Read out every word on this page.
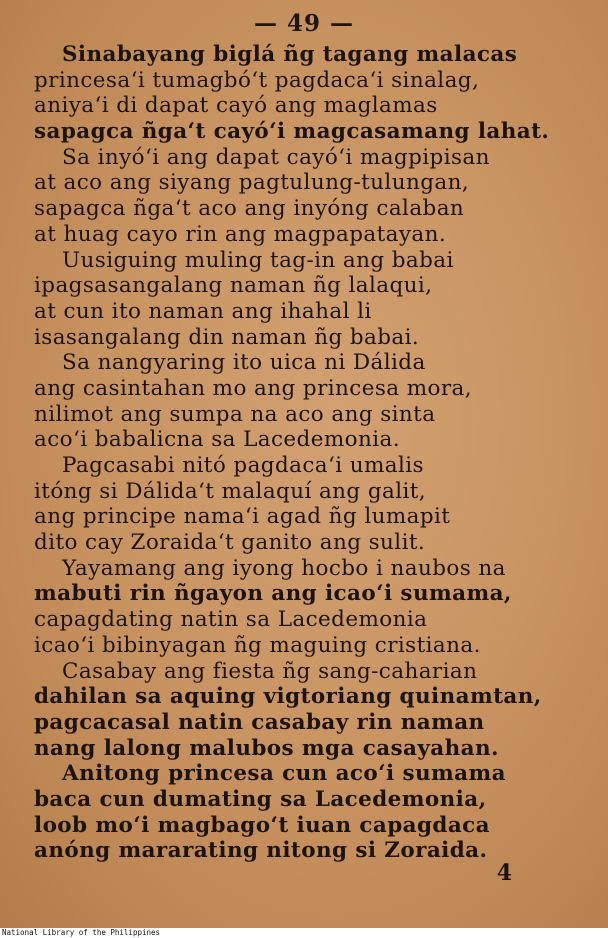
— 49 —
Sinabayang biglá ñg tagang malacas
princesa‘i tumagbó‘t pagdaca‘i sinalag,
aniya‘i di dapat cayó ang maglamas
sapagca ñga‘t cayó‘i magcasamang lahat.
Sa inyó‘i ang dapat cayó‘i magpipisan
at aco ang siyang pagtulung-tulungan,
sapagca ñga‘t aco ang inyóng calaban
at huag cayo rin ang magpapatayan.
Uusiguing muling tag-in ang babai
ipagsasangalang naman ñg lalaqui,
at cun ito naman ang ihahal li
isasangalang din naman ñg babai.
Sa nangyaring ito uica ni Dálida
ang casintahan mo ang princesa mora,
nilimot ang sumpa na aco ang sinta
aco‘i babalicna sa Lacedemonia.
Pagcasabi nitó pagdaca‘i umalis
itóng si Dálida‘t malaquí ang galit,
ang principe nama‘i agad ñg lumapit
dito cay Zoraida‘t ganito ang sulit.
Yayamang ang iyong hocbo i naubos na
mabuti rin ñgayon ang icao‘i sumama,
capagdating natin sa Lacedemonia
icao‘i bibinyagan ñg maguing cristiana.
Casabay ang fiesta ñg sang-caharian
dahilan sa aquing vigtoriang quinamtan,
pagcacasal natin casabay rin naman
nang lalong malubos mga casayahan.
Anitong princesa cun aco‘i sumama
baca cun dumating sa Lacedemonia,
loob mo‘i magbago‘t iuan capagdaca
anóng mararating nitong si Zoraida.
4
National Library of the Philippines
